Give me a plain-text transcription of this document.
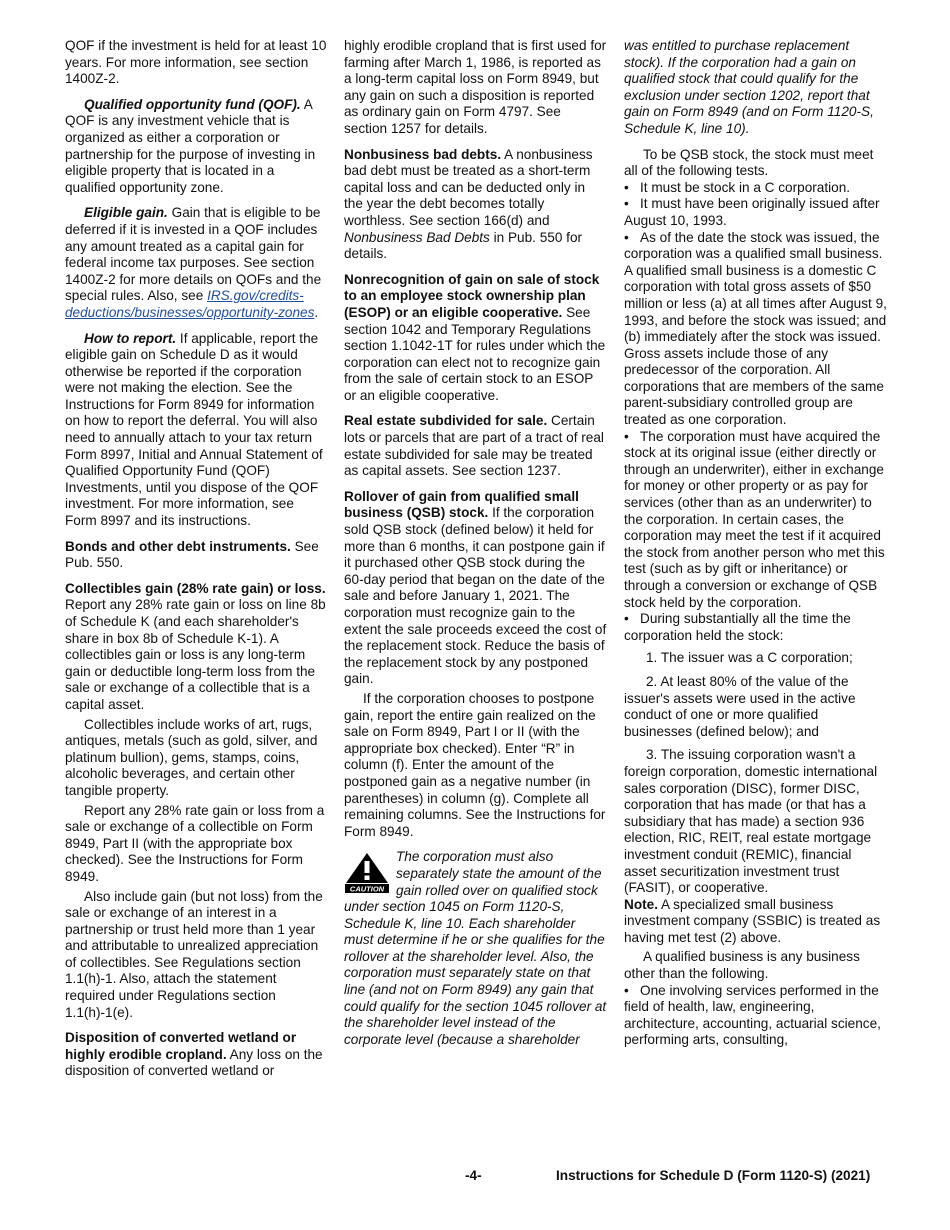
QOF if the investment is held for at least 10 years. For more information, see section 1400Z-2.

Qualified opportunity fund (QOF). A QOF is any investment vehicle that is organized as either a corporation or partnership for the purpose of investing in eligible property that is located in a qualified opportunity zone.

Eligible gain. Gain that is eligible to be deferred if it is invested in a QOF includes any amount treated as a capital gain for federal income tax purposes. See section 1400Z-2 for more details on QOFs and the special rules. Also, see IRS.gov/credits-deductions/businesses/opportunity-zones.

How to report. If applicable, report the eligible gain on Schedule D as it would otherwise be reported if the corporation were not making the election. See the Instructions for Form 8949 for information on how to report the deferral. You will also need to annually attach to your tax return Form 8997, Initial and Annual Statement of Qualified Opportunity Fund (QOF) Investments, until you dispose of the QOF investment. For more information, see Form 8997 and its instructions.

Bonds and other debt instruments. See Pub. 550.

Collectibles gain (28% rate gain) or loss. Report any 28% rate gain or loss on line 8b of Schedule K (and each shareholder's share in box 8b of Schedule K-1). A collectibles gain or loss is any long-term gain or deductible long-term loss from the sale or exchange of a collectible that is a capital asset.

Collectibles include works of art, rugs, antiques, metals (such as gold, silver, and platinum bullion), gems, stamps, coins, alcoholic beverages, and certain other tangible property.

Report any 28% rate gain or loss from a sale or exchange of a collectible on Form 8949, Part II (with the appropriate box checked). See the Instructions for Form 8949.

Also include gain (but not loss) from the sale or exchange of an interest in a partnership or trust held more than 1 year and attributable to unrealized appreciation of collectibles. See Regulations section 1.1(h)-1. Also, attach the statement required under Regulations section 1.1(h)-1(e).

Disposition of converted wetland or highly erodible cropland. Any loss on the disposition of converted wetland or

highly erodible cropland that is first used for farming after March 1, 1986, is reported as a long-term capital loss on Form 8949, but any gain on such a disposition is reported as ordinary gain on Form 4797. See section 1257 for details.

Nonbusiness bad debts. A nonbusiness bad debt must be treated as a short-term capital loss and can be deducted only in the year the debt becomes totally worthless. See section 166(d) and Nonbusiness Bad Debts in Pub. 550 for details.

Nonrecognition of gain on sale of stock to an employee stock ownership plan (ESOP) or an eligible cooperative. See section 1042 and Temporary Regulations section 1.1042-1T for rules under which the corporation can elect not to recognize gain from the sale of certain stock to an ESOP or an eligible cooperative.

Real estate subdivided for sale. Certain lots or parcels that are part of a tract of real estate subdivided for sale may be treated as capital assets. See section 1237.

Rollover of gain from qualified small business (QSB) stock. If the corporation sold QSB stock (defined below) it held for more than 6 months, it can postpone gain if it purchased other QSB stock during the 60-day period that began on the date of the sale and before January 1, 2021. The corporation must recognize gain to the extent the sale proceeds exceed the cost of the replacement stock. Reduce the basis of the replacement stock by any postponed gain.

If the corporation chooses to postpone gain, report the entire gain realized on the sale on Form 8949, Part I or II (with the appropriate box checked). Enter “R” in column (f). Enter the amount of the postponed gain as a negative number (in parentheses) in column (g). Complete all remaining columns. See the Instructions for Form 8949.

CAUTION
The corporation must also separately state the amount of the gain rolled over on qualified stock under section 1045 on Form 1120-S, Schedule K, line 10. Each shareholder must determine if he or she qualifies for the rollover at the shareholder level. Also, the corporation must separately state on that line (and not on Form 8949) any gain that could qualify for the section 1045 rollover at the shareholder level instead of the corporate level (because a shareholder

was entitled to purchase replacement stock). If the corporation had a gain on qualified stock that could qualify for the exclusion under section 1202, report that gain on Form 8949 (and on Form 1120-S, Schedule K, line 10).

To be QSB stock, the stock must meet all of the following tests.

• It must be stock in a C corporation.

• It must have been originally issued after August 10, 1993.

• As of the date the stock was issued, the corporation was a qualified small business. A qualified small business is a domestic C corporation with total gross assets of $50 million or less (a) at all times after August 9, 1993, and before the stock was issued; and (b) immediately after the stock was issued. Gross assets include those of any predecessor of the corporation. All corporations that are members of the same parent-subsidiary controlled group are treated as one corporation.

• The corporation must have acquired the stock at its original issue (either directly or through an underwriter), either in exchange for money or other property or as pay for services (other than as an underwriter) to the corporation. In certain cases, the corporation may meet the test if it acquired the stock from another person who met this test (such as by gift or inheritance) or through a conversion or exchange of QSB stock held by the corporation.

• During substantially all the time the corporation held the stock:

1. The issuer was a C corporation;

2. At least 80% of the value of the issuer's assets were used in the active conduct of one or more qualified businesses (defined below); and

3. The issuing corporation wasn't a foreign corporation, domestic international sales corporation (DISC), former DISC, corporation that has made (or that has a subsidiary that has made) a section 936 election, RIC, REIT, real estate mortgage investment conduit (REMIC), financial asset securitization investment trust (FASIT), or cooperative.

Note. A specialized small business investment company (SSBIC) is treated as having met test (2) above.

A qualified business is any business other than the following.

• One involving services performed in the field of health, law, engineering, architecture, accounting, actuarial science, performing arts, consulting,

-4-	Instructions for Schedule D (Form 1120-S) (2021)
